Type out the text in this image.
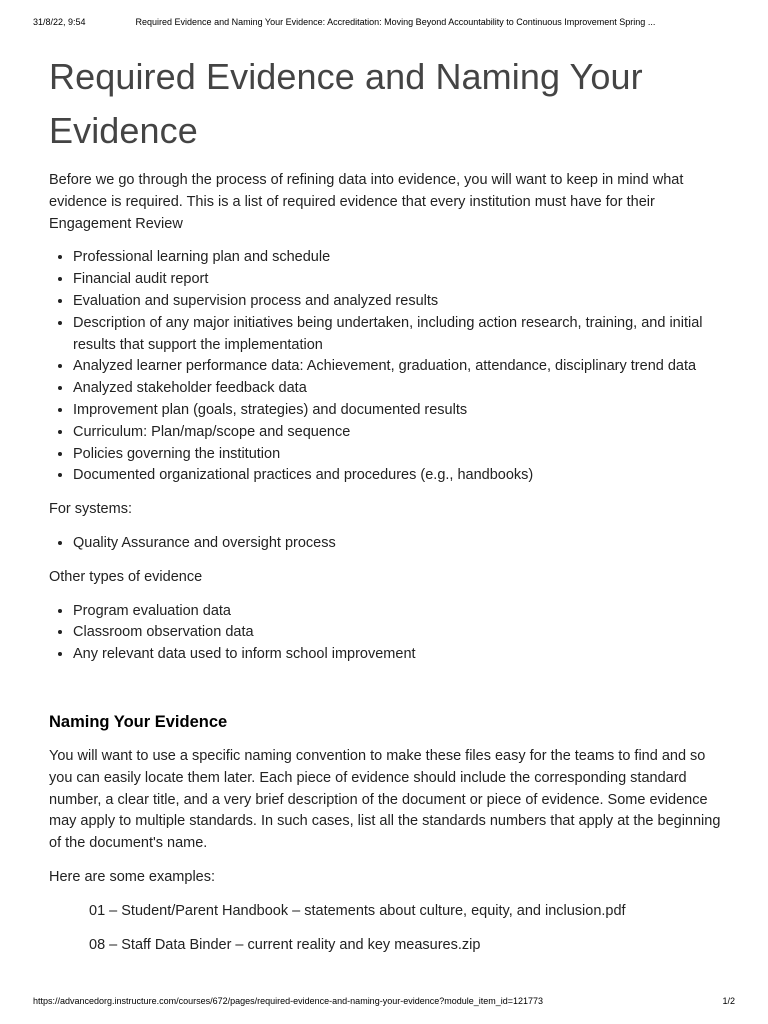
31/8/22, 9:54	Required Evidence and Naming Your Evidence: Accreditation: Moving Beyond Accountability to Continuous Improvement Spring ...
Required Evidence and Naming Your Evidence

Before we go through the process of refining data into evidence, you will want to keep in mind what evidence is required. This is a list of required evidence that every institution must have for their Engagement Review

• Professional learning plan and schedule
• Financial audit report
• Evaluation and supervision process and analyzed results
• Description of any major initiatives being undertaken, including action research, training, and initial results that support the implementation
• Analyzed learner performance data: Achievement, graduation, attendance, disciplinary trend data
• Analyzed stakeholder feedback data
• Improvement plan (goals, strategies) and documented results
• Curriculum: Plan/map/scope and sequence
• Policies governing the institution
• Documented organizational practices and procedures (e.g., handbooks)

For systems:

• Quality Assurance and oversight process

Other types of evidence

• Program evaluation data
• Classroom observation data
• Any relevant data used to inform school improvement
Naming Your Evidence

You will want to use a specific naming convention to make these files easy for the teams to find and so you can easily locate them later. Each piece of evidence should include the corresponding standard number, a clear title, and a very brief description of the document or piece of evidence. Some evidence may apply to multiple standards. In such cases, list all the standards numbers that apply at the beginning of the document's name.

Here are some examples:

01 – Student/Parent Handbook – statements about culture, equity, and inclusion.pdf
08 – Staff Data Binder – current reality and key measures.zip
https://advancedorg.instructure.com/courses/672/pages/required-evidence-and-naming-your-evidence?module_item_id=121773	1/2
